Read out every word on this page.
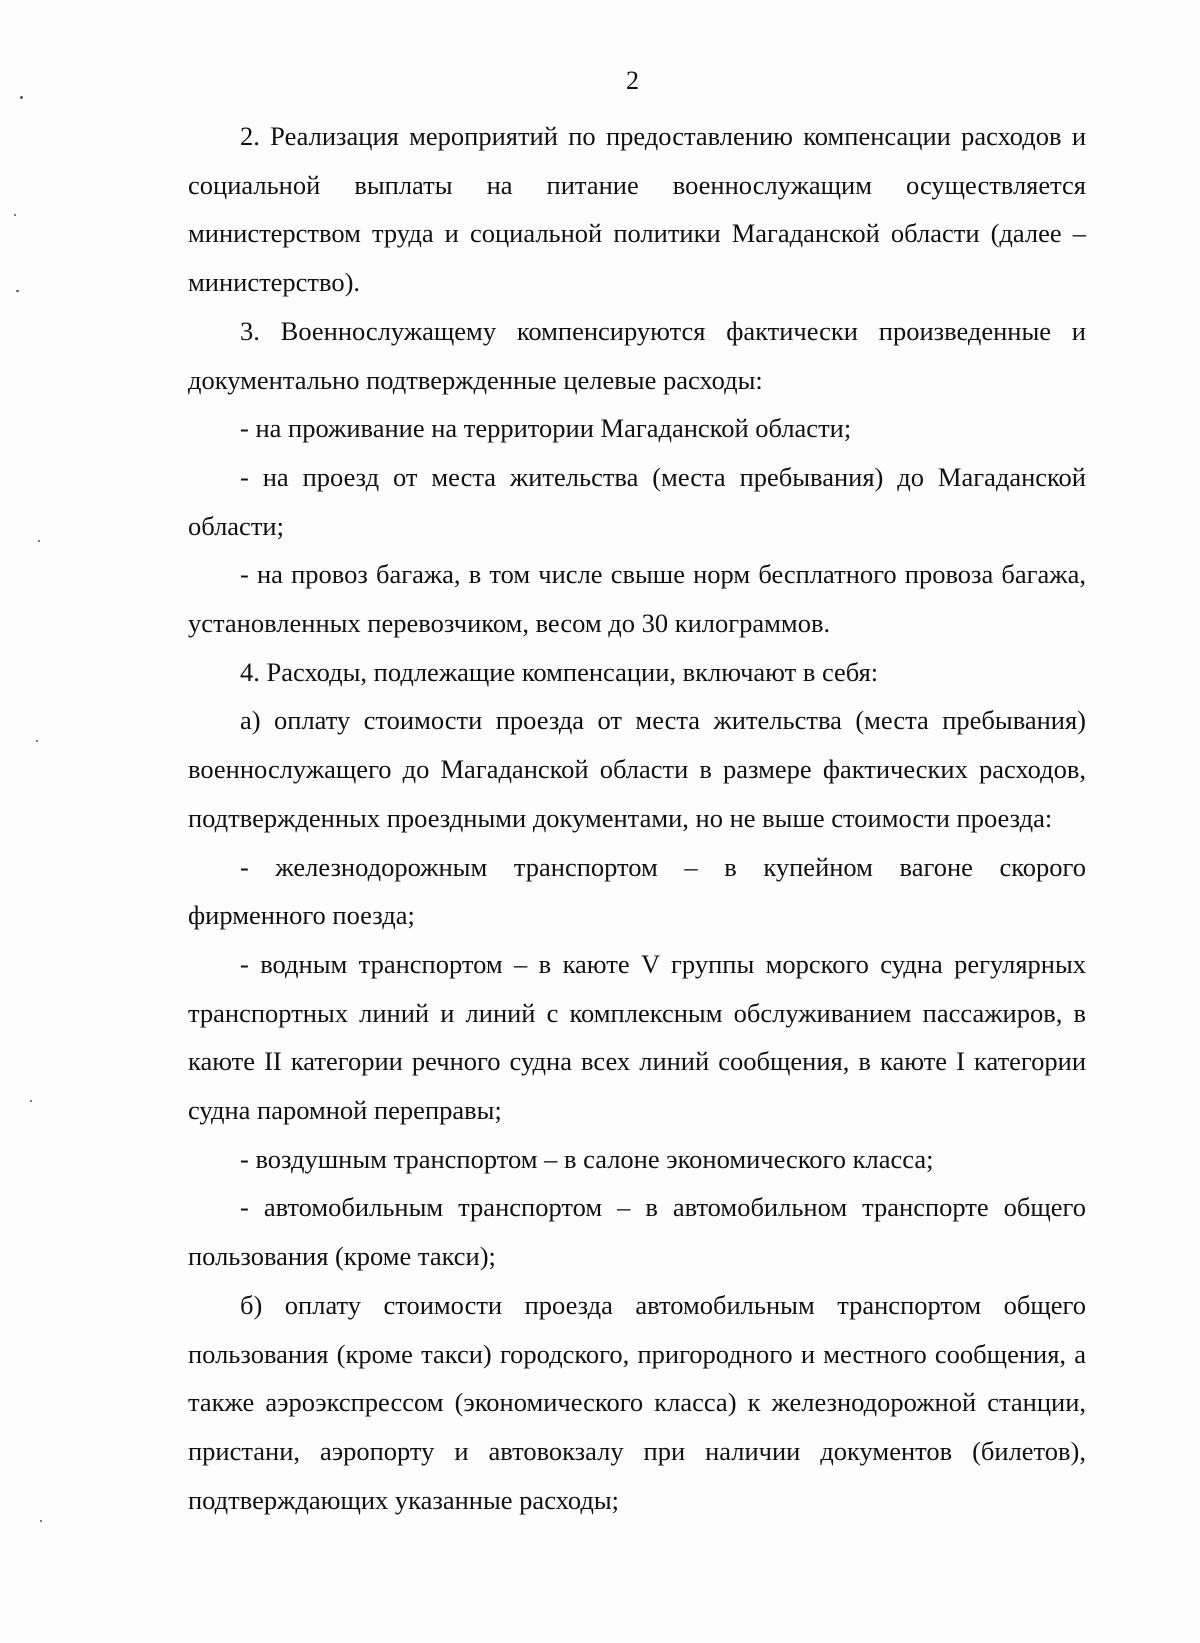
2

2. Реализация мероприятий по предоставлению компенсации расходов и социальной выплаты на питание военнослужащим осуществляется министерством труда и социальной политики Магаданской области (далее – министерство).

3. Военнослужащему компенсируются фактически произведенные и документально подтвержденные целевые расходы:

- на проживание на территории Магаданской области;

- на проезд от места жительства (места пребывания) до Магаданской области;

- на провоз багажа, в том числе свыше норм бесплатного провоза багажа, установленных перевозчиком, весом до 30 килограммов.

4. Расходы, подлежащие компенсации, включают в себя:

а) оплату стоимости проезда от места жительства (места пребывания) военнослужащего до Магаданской области в размере фактических расходов, подтвержденных проездными документами, но не выше стоимости проезда:

- железнодорожным транспортом – в купейном вагоне скорого фирменного поезда;

- водным транспортом – в каюте V группы морского судна регулярных транспортных линий и линий с комплексным обслуживанием пассажиров, в каюте II категории речного судна всех линий сообщения, в каюте I категории судна паромной переправы;

- воздушным транспортом – в салоне экономического класса;

- автомобильным транспортом – в автомобильном транспорте общего пользования (кроме такси);

б) оплату стоимости проезда автомобильным транспортом общего пользования (кроме такси) городского, пригородного и местного сообщения, а также аэроэкспрессом (экономического класса) к железнодорожной станции, пристани, аэропорту и автовокзалу при наличии документов (билетов), подтверждающих указанные расходы;
